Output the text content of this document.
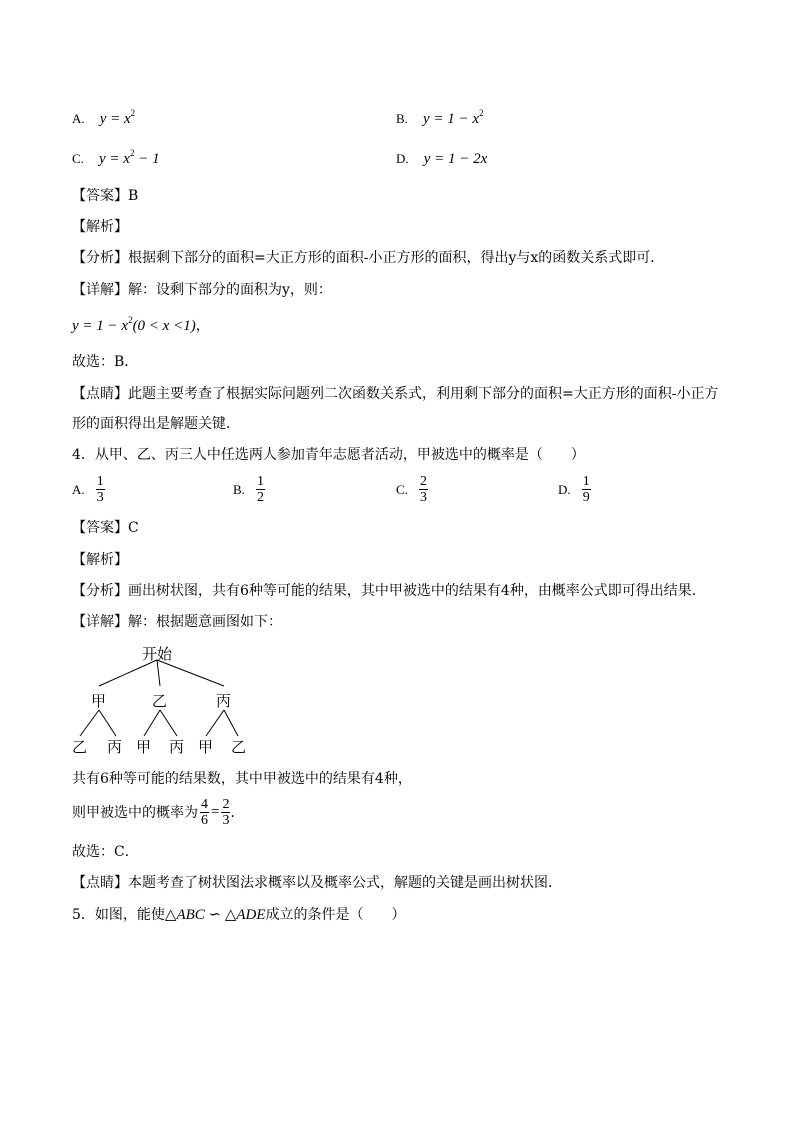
A. $y = x^2$	B. $y = 1 - x^2$
C. $y = x^2 - 1$	D. y = 1 − 2x
【答案】B
【解析】
【分析】根据剩下部分的面积=大正方形的面积-小正方形的面积，得出y与x的函数关系式即可．
【详解】解：设剩下部分的面积为y，则：
$y = 1 - x^2(0 < x <1)$，
故选：B．
【点睛】此题主要考查了根据实际问题列二次函数关系式，利用剩下部分的面积=大正方形的面积-小正方
形的面积得出是解题关键．
4．从甲、乙、丙三人中任选两人参加青年志愿者活动，甲被选中的概率是（　　）
A. $\frac{1}{3}$	B. $\frac{1}{2}$	C. $\frac{2}{3}$	D. $\frac{1}{9}$
【答案】C
【解析】
【分析】画出树状图，共有6种等可能的结果，其中甲被选中的结果有4种，由概率公式即可得出结果．
【详解】解：根据题意画图如下：
开始
甲	乙	丙
乙 丙 甲 丙 甲 乙
共有6种等可能的结果数，其中甲被选中的结果有4种，
则甲被选中的概率为 $\frac{4}{6} = \frac{2}{3}$ ．
故选：C．
【点睛】本题考查了树状图法求概率以及概率公式，解题的关键是画出树状图．
5．如图，能使△ABC ∽ △ADE成立的条件是（　　）
